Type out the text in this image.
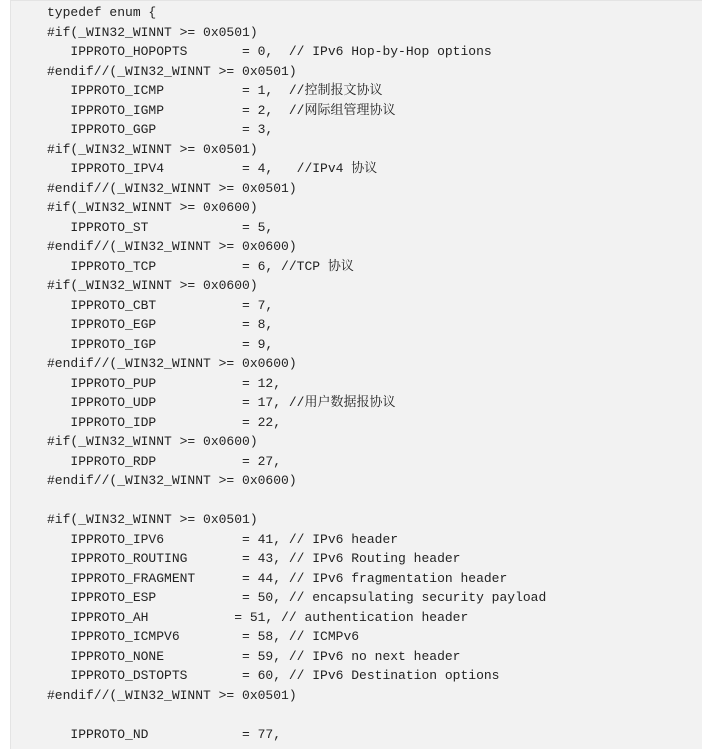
typedef enum {
#if(_WIN32_WINNT >= 0x0501)
IPPROTO_HOPOPTS       = 0,  // IPv6 Hop-by-Hop options
#endif//(_WIN32_WINNT >= 0x0501)
IPPROTO_ICMP          = 1,  //控制报文协议
IPPROTO_IGMP          = 2,  //网际组管理协议
IPPROTO_GGP           = 3,
#if(_WIN32_WINNT >= 0x0501)
IPPROTO_IPV4          = 4,   //IPv4 协议
#endif//(_WIN32_WINNT >= 0x0501)
#if(_WIN32_WINNT >= 0x0600)
IPPROTO_ST            = 5,
#endif//(_WIN32_WINNT >= 0x0600)
IPPROTO_TCP           = 6, //TCP 协议
#if(_WIN32_WINNT >= 0x0600)
IPPROTO_CBT           = 7,
IPPROTO_EGP           = 8,
IPPROTO_IGP           = 9,
#endif//(_WIN32_WINNT >= 0x0600)
IPPROTO_PUP           = 12,
IPPROTO_UDP           = 17, //用户数据报协议
IPPROTO_IDP           = 22,
#if(_WIN32_WINNT >= 0x0600)
IPPROTO_RDP           = 27,
#endif//(_WIN32_WINNT >= 0x0600)
#if(_WIN32_WINNT >= 0x0501)
IPPROTO_IPV6          = 41, // IPv6 header
IPPROTO_ROUTING       = 43, // IPv6 Routing header
IPPROTO_FRAGMENT      = 44, // IPv6 fragmentation header
IPPROTO_ESP           = 50, // encapsulating security payload
IPPROTO_AH           = 51, // authentication header
IPPROTO_ICMPV6        = 58, // ICMPv6
IPPROTO_NONE          = 59, // IPv6 no next header
IPPROTO_DSTOPTS       = 60, // IPv6 Destination options
#endif//(_WIN32_WINNT >= 0x0501)
IPPROTO_ND            = 77,
